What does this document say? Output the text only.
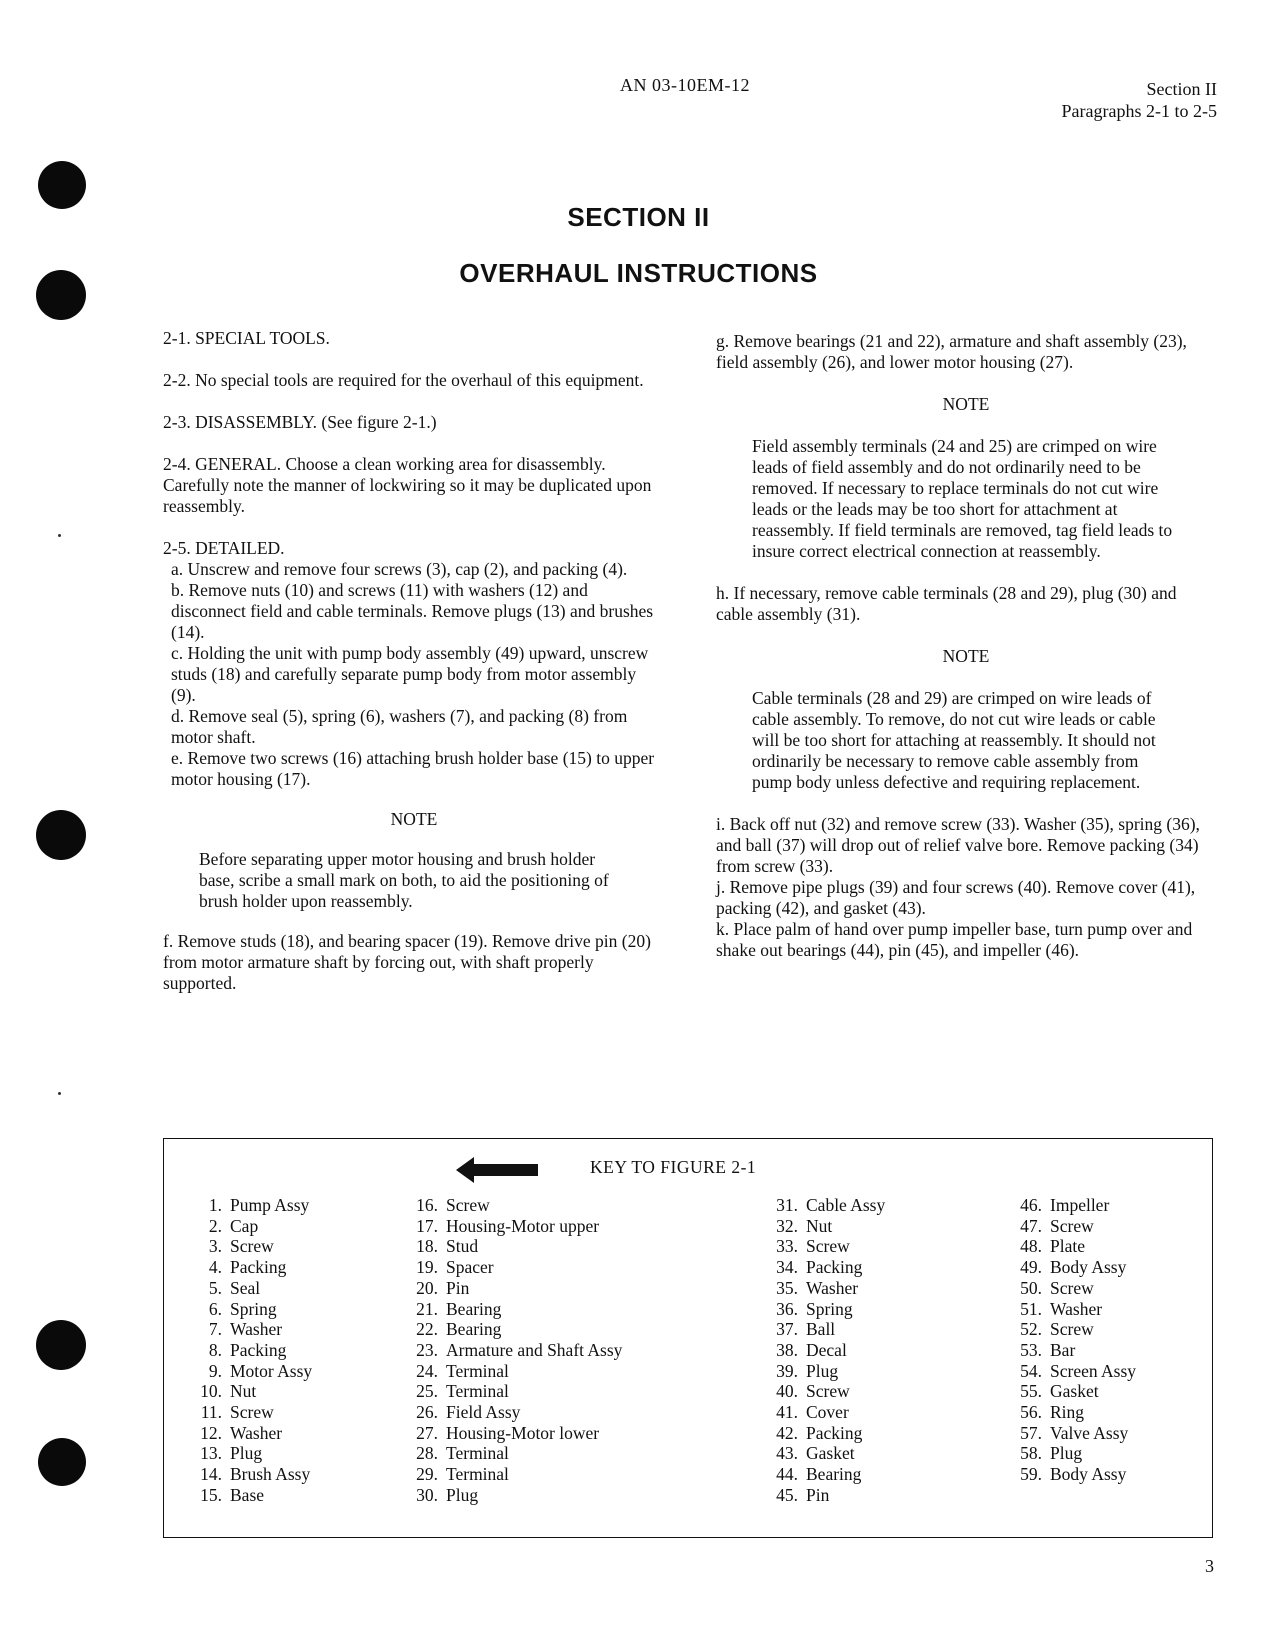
AN 03-10EM-12	Section II
Paragraphs 2-1 to 2-5
SECTION II
OVERHAUL INSTRUCTIONS

2-1. SPECIAL TOOLS.

2-2. No special tools are required for the overhaul of this equipment.

2-3. DISASSEMBLY. (See figure 2-1.)

2-4. GENERAL. Choose a clean working area for disassembly. Carefully note the manner of lockwiring so it may be duplicated upon reassembly.

2-5. DETAILED.

a. Unscrew and remove four screws (3), cap (2), and packing (4).

b. Remove nuts (10) and screws (11) with washers (12) and disconnect field and cable terminals. Remove plugs (13) and brushes (14).

c. Holding the unit with pump body assembly (49) upward, unscrew studs (18) and carefully separate pump body from motor assembly (9).

d. Remove seal (5), spring (6), washers (7), and packing (8) from motor shaft.

e. Remove two screws (16) attaching brush holder base (15) to upper motor housing (17).

NOTE

Before separating upper motor housing and brush holder base, scribe a small mark on both, to aid the positioning of brush holder upon reassembly.

f. Remove studs (18), and bearing spacer (19). Remove drive pin (20) from motor armature shaft by forcing out, with shaft properly supported.

g. Remove bearings (21 and 22), armature and shaft assembly (23), field assembly (26), and lower motor housing (27).

NOTE

Field assembly terminals (24 and 25) are crimped on wire leads of field assembly and do not ordinarily need to be removed. If necessary to replace terminals do not cut wire leads or the leads may be too short for attachment at reassembly. If field terminals are removed, tag field leads to insure correct electrical connection at reassembly.

h. If necessary, remove cable terminals (28 and 29), plug (30) and cable assembly (31).

NOTE

Cable terminals (28 and 29) are crimped on wire leads of cable assembly. To remove, do not cut wire leads or cable will be too short for attaching at reassembly. It should not ordinarily be necessary to remove cable assembly from pump body unless defective and requiring replacement.

i. Back off nut (32) and remove screw (33). Washer (35), spring (36), and ball (37) will drop out of relief valve bore. Remove packing (34) from screw (33).

j. Remove pipe plugs (39) and four screws (40). Remove cover (41), packing (42), and gasket (43).

k. Place palm of hand over pump impeller base, turn pump over and shake out bearings (44), pin (45), and impeller (46).

KEY TO FIGURE 2-1
1. Pump Assy
2. Cap
3. Screw
4. Packing
5. Seal
6. Spring
7. Washer
8. Packing
9. Motor Assy
10. Nut
11. Screw
12. Washer
13. Plug
14. Brush Assy
15. Base
16. Screw
17. Housing-Motor upper
18. Stud
19. Spacer
20. Pin
21. Bearing
22. Bearing
23. Armature and Shaft Assy
24. Terminal
25. Terminal
26. Field Assy
27. Housing-Motor lower
28. Terminal
29. Terminal
30. Plug
31. Cable Assy
32. Nut
33. Screw
34. Packing
35. Washer
36. Spring
37. Ball
38. Decal
39. Plug
40. Screw
41. Cover
42. Packing
43. Gasket
44. Bearing
45. Pin
46. Impeller
47. Screw
48. Plate
49. Body Assy
50. Screw
51. Washer
52. Screw
53. Bar
54. Screen Assy
55. Gasket
56. Ring
57. Valve Assy
58. Plug
59. Body Assy
3
